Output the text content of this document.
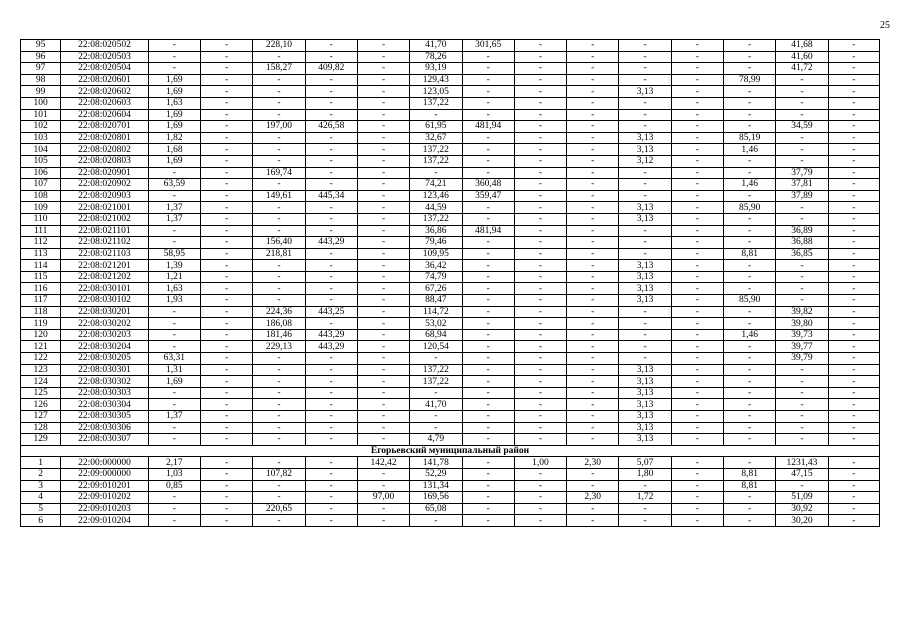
25
95	22:08:020502	-	-	228,10	-	-	41,70	301,65	-	-	-	-	-	41,68	-
96	22:08:020503	-	-	-	-	-	78,26	-	-	-	-	-	-	41,60	-
97	22:08:020504	-	-	158,27	409,82	-	93,19	-	-	-	-	-	-	41,72	-
98	22:08:020601	1,69	-	-	-	-	129,43	-	-	-	-	-	78,99	-	-
99	22:08:020602	1,69	-	-	-	-	123,05	-	-	-	3,13	-	-	-	-
100	22:08:020603	1,63	-	-	-	-	137,22	-	-	-	-	-	-	-	-
101	22:08:020604	1,69	-	-	-	-	-	-	-	-	-	-	-	-	-
102	22:08:020701	1,69	-	197,00	426,58	-	61,95	481,94	-	-	-	-	-	34,59	-
103	22:08:020801	1,82	-	-	-	-	32,67	-	-	-	3,13	-	85,19	-	-
104	22:08:020802	1,68	-	-	-	-	137,22	-	-	-	3,13	-	1,46	-	-
105	22:08:020803	1,69	-	-	-	-	137,22	-	-	-	3,12	-	-	-	-
106	22:08:020901	-	-	169,74	-	-	-	-	-	-	-	-	-	37,79	-
107	22:08:020902	63,59	-	-	-	-	74,21	360,48	-	-	-	-	1,46	37,81	-
108	22:08:020903	-	-	149,61	445,34	-	123,46	359,47	-	-	-	-	-	37,89	-
109	22:08:021001	1,37	-	-	-	-	44,59	-	-	-	3,13	-	85,90	-	-
110	22:08:021002	1,37	-	-	-	-	137,22	-	-	-	3,13	-	-	-	-
111	22:08:021101	-	-	-	-	-	36,86	481,94	-	-	-	-	-	36,89	-
112	22:08:021102	-	-	156,40	443,29	-	79,46	-	-	-	-	-	-	36,88	-
113	22:08:021103	58,95	-	218,81	-	-	109,95	-	-	-	-	-	8,81	36,85	-
114	22:08:021201	1,39	-	-	-	-	36,42	-	-	-	3,13	-	-	-	-
115	22:08:021202	1,21	-	-	-	-	74,79	-	-	-	3,13	-	-	-	-
116	22:08:030101	1,63	-	-	-	-	67,26	-	-	-	3,13	-	-	-	-
117	22:08:030102	1,93	-	-	-	-	88,47	-	-	-	3,13	-	85,90	-	-
118	22:08:030201	-	-	224,36	443,25	-	114,72	-	-	-	-	-	-	39,82	-
119	22:08:030202	-	-	186,08	-	-	53,02	-	-	-	-	-	-	39,80	-
120	22:08:030203	-	-	181,46	443,29	-	68,94	-	-	-	-	-	1,46	39,73	-
121	22:08:030204	-	-	229,13	443,29	-	120,54	-	-	-	-	-	-	39,77	-
122	22:08:030205	63,31	-	-	-	-	-	-	-	-	-	-	-	39,79	-
123	22:08:030301	1,31	-	-	-	-	137,22	-	-	-	3,13	-	-	-	-
124	22:08:030302	1,69	-	-	-	-	137,22	-	-	-	3,13	-	-	-	-
125	22:08:030303	-	-	-	-	-	-	-	-	-	3,13	-	-	-	-
126	22:08:030304	-	-	-	-	-	41,70	-	-	-	3,13	-	-	-	-
127	22:08:030305	1,37	-	-	-	-	-	-	-	-	3,13	-	-	-	-
128	22:08:030306	-	-	-	-	-	-	-	-	-	3,13	-	-	-	-
129	22:08:030307	-	-	-	-	-	4,79	-	-	-	3,13	-	-	-	-
Егорьевский муниципальный район															
1	22:00:000000	2,17	-	-	-	142,42	141,78	-	1,00	2,30	5,07	-	-	1231,43	-
2	22:09:000000	1,03	-	107,82	-	-	52,29	-	-	-	1,80	-	8,81	47,15	-
3	22:09:010201	0,85	-	-	-	-	131,34	-	-	-	-	-	8,81	-	-
4	22:09:010202	-	-	-	-	97,00	169,56	-	-	2,30	1,72	-	-	51,09	-
5	22:09:010203	-	-	220,65	-	-	65,08	-	-	-	-	-	-	30,92	-
6	22:09:010204	-	-	-	-	-	-	-	-	-	-	-	-	30,20	-
